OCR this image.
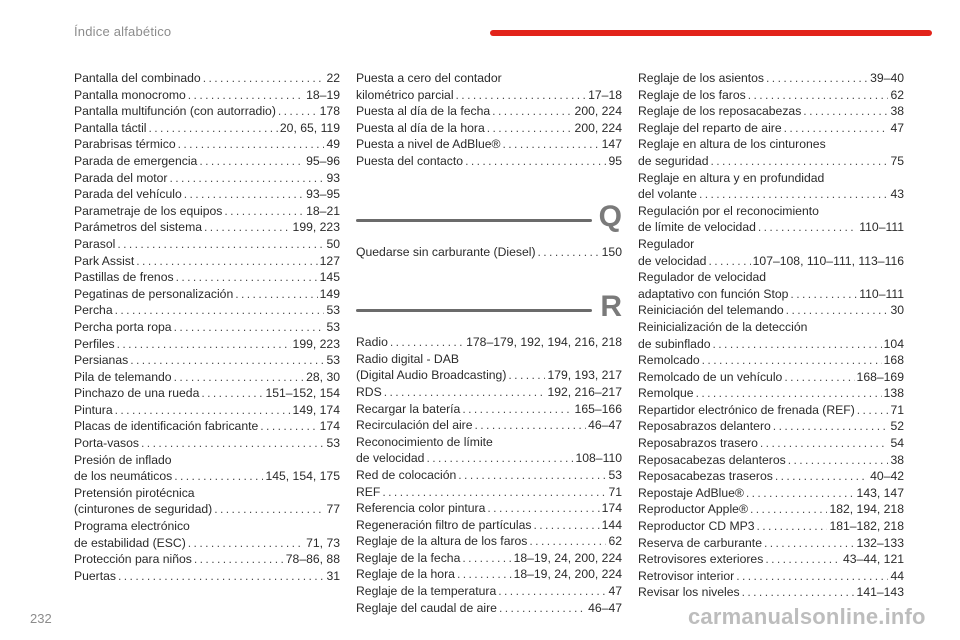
Índice alfabético
Pantalla del combinado . . .	22
Pantalla monocromo . . .	18–19
Pantalla multifunción (con autorradio) . . .	178
Pantalla táctil . . .	20, 65, 119
Parabrisas térmico . . .	49
Parada de emergencia . . .	95–96
Parada del motor . . .	93
Parada del vehículo . . .	93–95
Parametraje de los equipos . . .	18–21
Parámetros del sistema . . .	199, 223
Parasol . . .	50
Park Assist . . .	127
Pastillas de frenos . . .	145
Pegatinas de personalización . . .	149
Percha . . .	53
Percha porta ropa . . .	53
Perfiles . . .	199, 223
Persianas . . .	53
Pila de telemando . . .	28, 30
Pinchazo de una rueda . . .	151–152, 154
Pintura . . .	149, 174
Placas de identificación fabricante . . .	174
Porta-vasos . . .	53
Presión de inflado
de los neumáticos . . .	145, 154, 175
Pretensión pirotécnica
(cinturones de seguridad) . . .	77
Programa electrónico
de estabilidad (ESC) . . .	71, 73
Protección para niños . . .	78–86, 88
Puertas . . .	31
Puesta a cero del contador
kilométrico parcial . . .	17–18
Puesta al día de la fecha . . .	200, 224
Puesta al día de la hora . . .	200, 224
Puesta a nivel de AdBlue® . . .	147
Puesta del contacto . . .	95
Q
Quedarse sin carburante (Diesel) . . .	150
R
Radio . . .	178–179, 192, 194, 216, 218
Radio digital - DAB
(Digital Audio Broadcasting) . . .	179, 193, 217
RDS . . .	192, 216–217
Recargar la batería . . .	165–166
Recirculación del aire . . .	46–47
Reconocimiento de límite
de velocidad . . .	108–110
Red de colocación . . .	53
REF . . .	71
Referencia color pintura . . .	174
Regeneración filtro de partículas . . .	144
Reglaje de la altura de los faros . . .	62
Reglaje de la fecha . . .	18–19, 24, 200, 224
Reglaje de la hora . . .	18–19, 24, 200, 224
Reglaje de la temperatura . . .	47
Reglaje del caudal de aire . . .	46–47
Reglaje de los asientos . . .	39–40
Reglaje de los faros . . .	62
Reglaje de los reposacabezas . . .	38
Reglaje del reparto de aire . . .	47
Reglaje en altura de los cinturones
de seguridad . . .	75
Reglaje en altura y en profundidad
del volante . . .	43
Regulación por el reconocimiento
de límite de velocidad . . .	110–111
Regulador
de velocidad . . .	107–108, 110–111, 113–116
Regulador de velocidad
adaptativo con función Stop . . .	110–111
Reiniciación del telemando . . .	30
Reinicialización de la detección
de subinflado . . .	104
Remolcado . . .	168
Remolcado de un vehículo . . .	168–169
Remolque . . .	138
Repartidor electrónico de frenada (REF) . . .	71
Reposabrazos delantero . . .	52
Reposabrazos trasero . . .	54
Reposacabezas delanteros . . .	38
Reposacabezas traseros . . .	40–42
Repostaje AdBlue® . . .	143, 147
Reproductor Apple® . . .	182, 194, 218
Reproductor CD MP3 . . .	181–182, 218
Reserva de carburante . . .	132–133
Retrovisores exteriores . . .	43–44, 121
Retrovisor interior . . .	44
Revisar los niveles . . .	141–143
232	carmanualsonline.info
